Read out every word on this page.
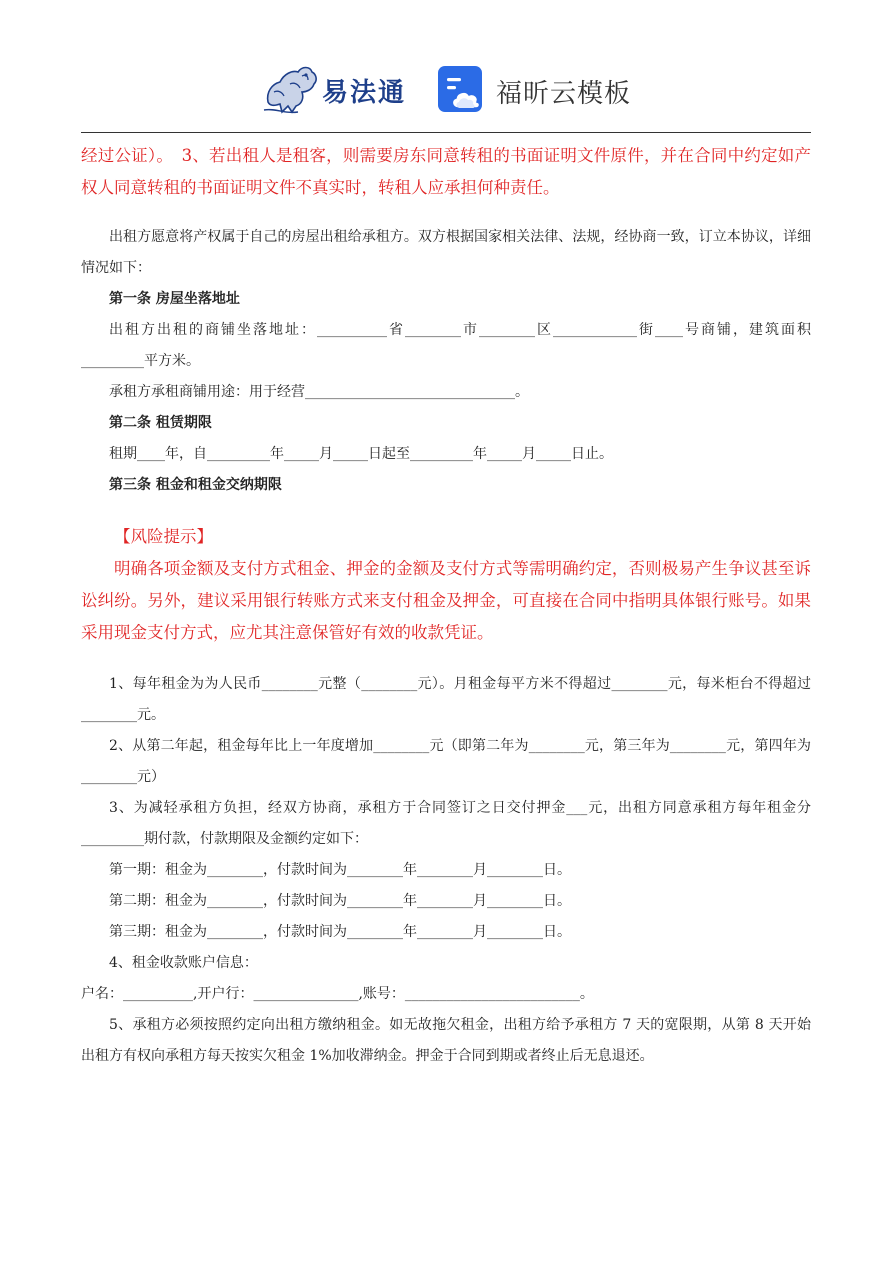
易法通	福昕云模板

经过公证）。　3、若出租人是租客，则需要房东同意转租的书面证明文件原件，并在合同中约定如产权人同意转租的书面证明文件不真实时，转租人应承担何种责任。

出租方愿意将产权属于自己的房屋出租给承租方。双方根据国家相关法律、法规，经协商一致，订立本协议，详细情况如下：

第一条 房屋坐落地址

出租方出租的商铺坐落地址：__________省________市________区____________街____号商铺，建筑面积_________平方米。

承租方承租商铺用途：用于经营______________________________。

第二条 租赁期限

租期____年，自_________年_____月_____日起至_________年_____月_____日止。

第三条 租金和租金交纳期限

【风险提示】

明确各项金额及支付方式租金、押金的金额及支付方式等需明确约定，否则极易产生争议甚至诉讼纠纷。另外，建议采用银行转账方式来支付租金及押金，可直接在合同中指明具体银行账号。如果采用现金支付方式，应尤其注意保管好有效的收款凭证。

1、每年租金为为人民币________元整（________元）。月租金每平方米不得超过________元，每米柜台不得超过________元。

2、从第二年起，租金每年比上一年度增加________元（即第二年为________元，第三年为________元，第四年为________元）

3、为减轻承租方负担，经双方协商，承租方于合同签订之日交付押金___元，出租方同意承租方每年租金分_________期付款，付款期限及金额约定如下：

第一期：租金为________，付款时间为________年________月________日。

第二期：租金为________，付款时间为________年________月________日。

第三期：租金为________，付款时间为________年________月________日。

4、租金收款账户信息：

户名：__________,开户行：_______________,账号：_________________________。

5、承租方必须按照约定向出租方缴纳租金。如无故拖欠租金，出租方给予承租方 7 天的宽限期，从第 8 天开始出租方有权向承租方每天按实欠租金 1%加收滞纳金。押金于合同到期或者终止后无息退还。
